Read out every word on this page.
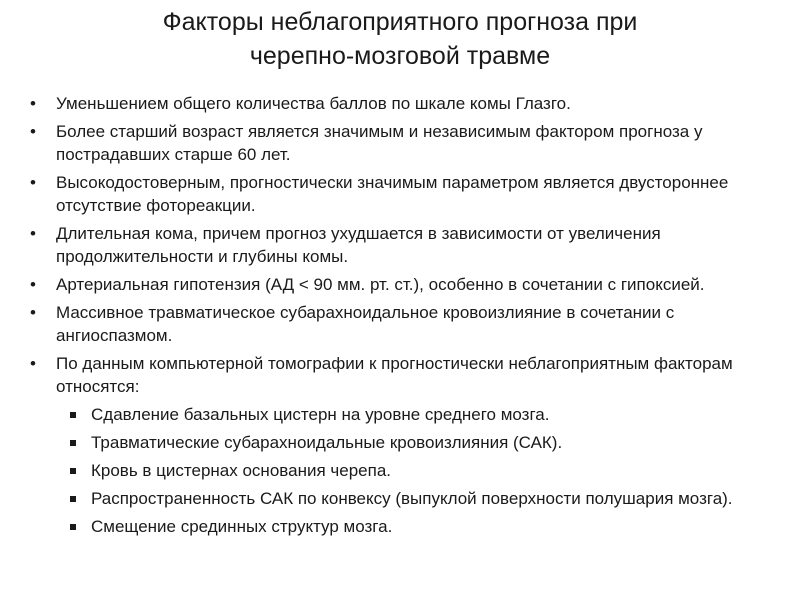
Факторы неблагоприятного прогноза при
черепно-мозговой травме
•	Уменьшением общего количества баллов по шкале комы Глазго.
•	Более старший возраст является значимым и независимым фактором прогноза у пострадавших старше 60 лет.
•	Высокодостоверным, прогностически значимым параметром является двустороннее отсутствие фотореакции.
•	Длительная кома, причем прогноз ухудшается в зависимости от увеличения продолжительности и глубины комы.
•	Артериальная гипотензия (АД < 90 мм. рт. ст.), особенно в сочетании с гипоксией.
•	Массивное травматическое субарахноидальное кровоизлияние в сочетании с ангиоспазмом.
•	По данным компьютерной томографии к прогностически неблагоприятным факторам относятся:
Сдавление базальных цистерн на уровне среднего мозга.
Травматические субарахноидальные кровоизлияния (САК).
Кровь в цистернах основания черепа.
Распространенность САК по конвексу (выпуклой поверхности полушария мозга).
Смещение срединных структур мозга.
